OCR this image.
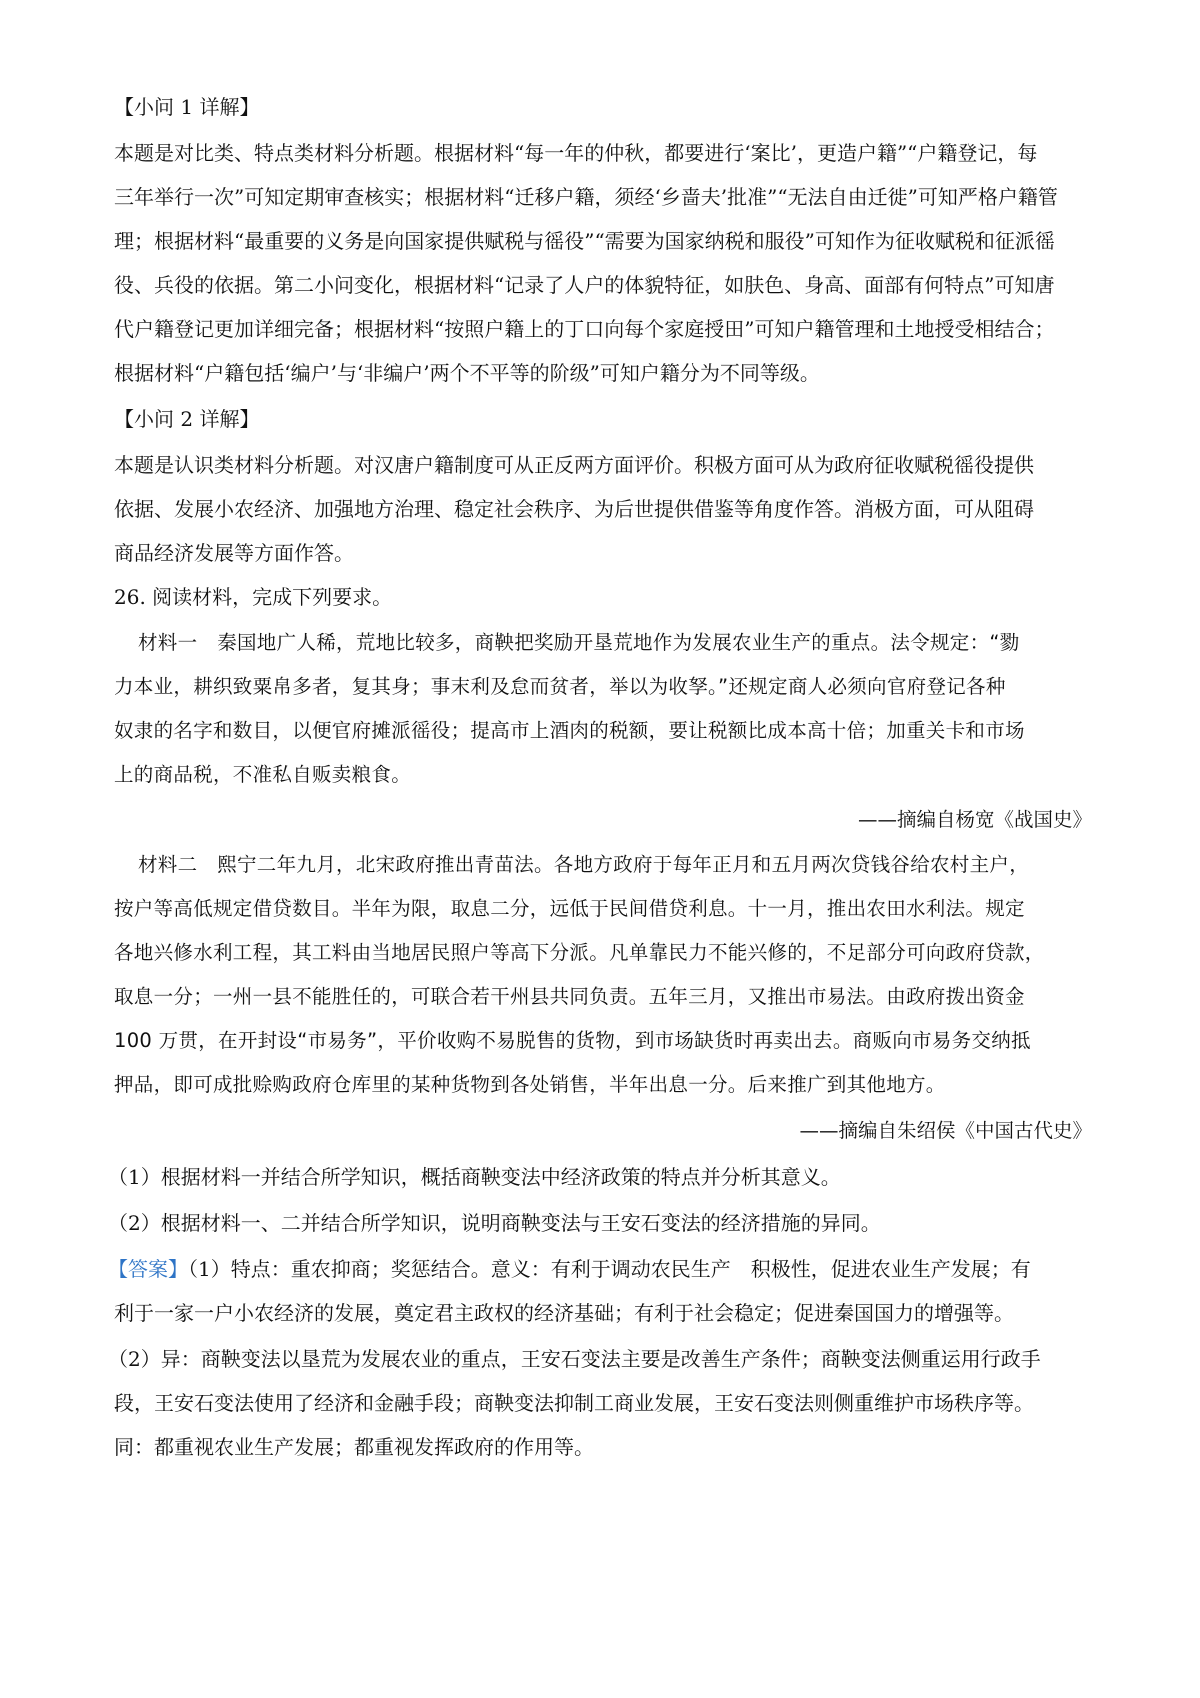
【小问 1 详解】
本题是对比类、特点类材料分析题。根据材料“每一年的仲秋，都要进行‘案比’，更造户籍”“户籍登记，每
三年举行一次”可知定期审查核实；根据材料“迁移户籍，须经‘乡啬夫’批准”“无法自由迁徙”可知严格户籍管
理；根据材料“最重要的义务是向国家提供赋税与徭役”“需要为国家纳税和服役”可知作为征收赋税和征派徭
役、兵役的依据。第二小问变化，根据材料“记录了人户的体貌特征，如肤色、身高、面部有何特点”可知唐
代户籍登记更加详细完备；根据材料“按照户籍上的丁口向每个家庭授田”可知户籍管理和土地授受相结合；
根据材料“户籍包括‘编户’与‘非编户’两个不平等的阶级”可知户籍分为不同等级。
【小问 2 详解】
本题是认识类材料分析题。对汉唐户籍制度可从正反两方面评价。积极方面可从为政府征收赋税徭役提供
依据、发展小农经济、加强地方治理、稳定社会秩序、为后世提供借鉴等角度作答。消极方面，可从阻碍
商品经济发展等方面作答。
26. 阅读材料，完成下列要求。
材料一　秦国地广人稀，荒地比较多，商鞅把奖励开垦荒地作为发展农业生产的重点。法令规定：“勠
力本业，耕织致粟帛多者，复其身；事末利及怠而贫者，举以为收孥。”还规定商人必须向官府登记各种
奴隶的名字和数目，以便官府摊派徭役；提高市上酒肉的税额，要让税额比成本高十倍；加重关卡和市场
上的商品税，不准私自贩卖粮食。
——摘编自杨宽《战国史》
材料二　熙宁二年九月，北宋政府推出青苗法。各地方政府于每年正月和五月两次贷钱谷给农村主户，
按户等高低规定借贷数目。半年为限，取息二分，远低于民间借贷利息。十一月，推出农田水利法。规定
各地兴修水利工程，其工料由当地居民照户等高下分派。凡单靠民力不能兴修的，不足部分可向政府贷款，
取息一分；一州一县不能胜任的，可联合若干州县共同负责。五年三月，又推出市易法。由政府拨出资金
100 万贯，在开封设“市易务”，平价收购不易脱售的货物，到市场缺货时再卖出去。商贩向市易务交纳抵
押品，即可成批赊购政府仓库里的某种货物到各处销售，半年出息一分。后来推广到其他地方。
——摘编自朱绍侯《中国古代史》
（1）根据材料一并结合所学知识，概括商鞅变法中经济政策的特点并分析其意义。
（2）根据材料一、二并结合所学知识，说明商鞅变法与王安石变法的经济措施的异同。
【答案】（1）特点：重农抑商；奖惩结合。意义：有利于调动农民生产　积极性，促进农业生产发展；有
利于一家一户小农经济的发展，奠定君主政权的经济基础；有利于社会稳定；促进秦国国力的增强等。
（2）异：商鞅变法以垦荒为发展农业的重点，王安石变法主要是改善生产条件；商鞅变法侧重运用行政手
段，王安石变法使用了经济和金融手段；商鞅变法抑制工商业发展，王安石变法则侧重维护市场秩序等。
同：都重视农业生产发展；都重视发挥政府的作用等。
